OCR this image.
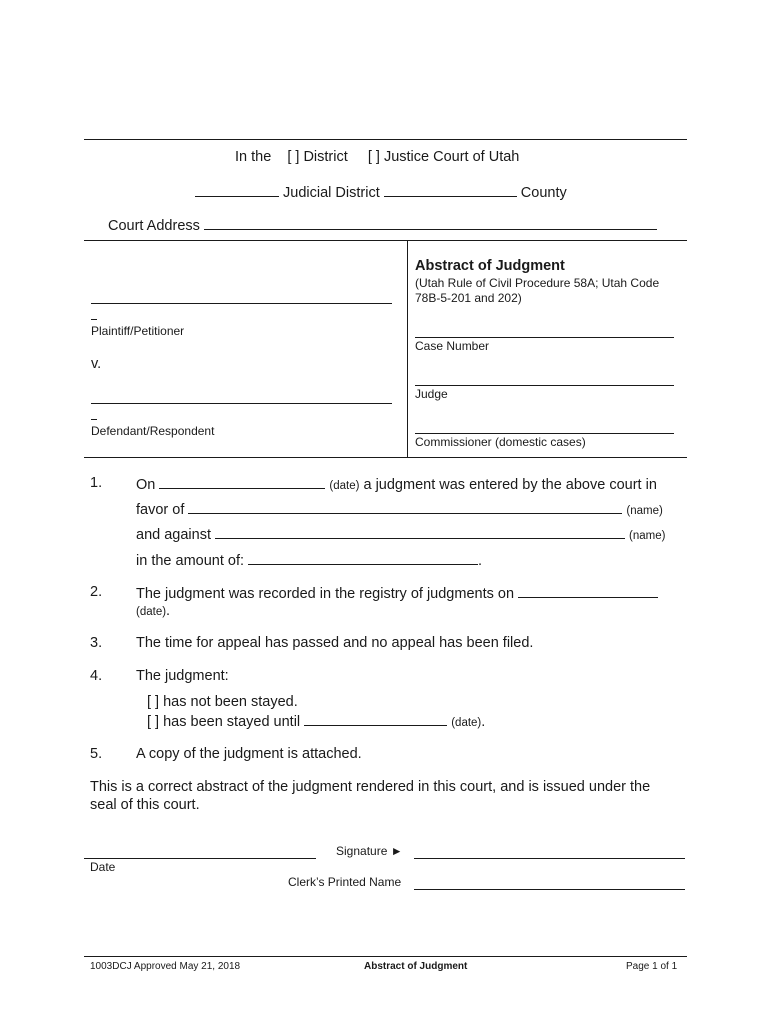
In the [ ] District [ ] Justice Court of Utah
Judicial District	County
Court Address
Plaintiff/Petitioner
v.
Defendant/Respondent
Abstract of Judgment
(Utah Rule of Civil Procedure 58A; Utah Code
78B-5-201 and 202)
Case Number
Judge
Commissioner (domestic cases)
1. On	(date) a judgment was entered by the above court in
favor of	(name)
and against	(name)
in the amount of:	.
2. The judgment was recorded in the registry of judgments on
(date).
3. The time for appeal has passed and no appeal has been filed.
4. The judgment:
[ ] has not been stayed.
[ ] has been stayed until	(date).
5. A copy of the judgment is attached.
This is a correct abstract of the judgment rendered in this court, and is issued under the
seal of this court.
Date
Signature ►
Clerk’s Printed Name
1003DCJ Approved May 21, 2018	Abstract of Judgment	Page 1 of 1
